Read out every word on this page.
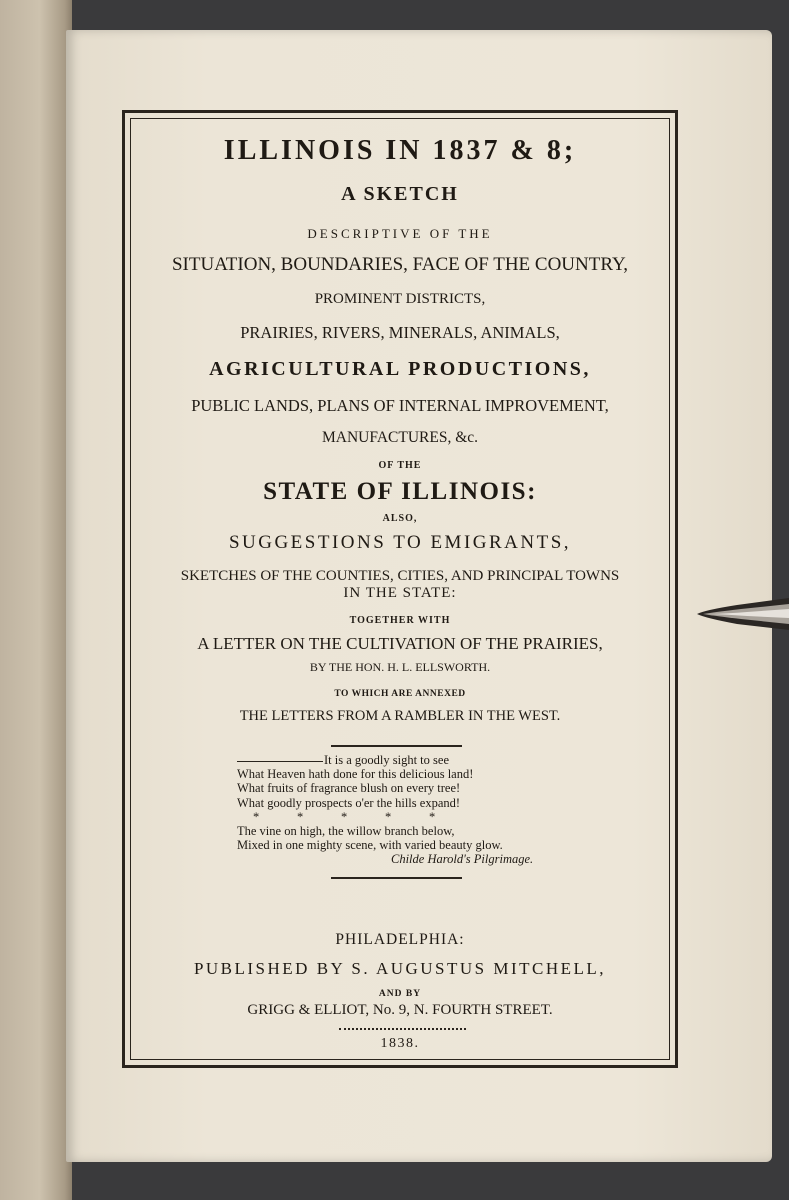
ILLINOIS IN 1837 & 8;
A SKETCH
DESCRIPTIVE OF THE
SITUATION, BOUNDARIES, FACE OF THE COUNTRY,
PROMINENT DISTRICTS,
PRAIRIES, RIVERS, MINERALS, ANIMALS,
AGRICULTURAL PRODUCTIONS,
PUBLIC LANDS, PLANS OF INTERNAL IMPROVEMENT,
MANUFACTURES, &c.
OF THE
STATE OF ILLINOIS:
ALSO,
SUGGESTIONS TO EMIGRANTS,
SKETCHES OF THE COUNTIES, CITIES, AND PRINCIPAL TOWNS
IN THE STATE:
TOGETHER WITH
A LETTER ON THE CULTIVATION OF THE PRAIRIES,
BY THE HON. H. L. ELLSWORTH.
TO WHICH ARE ANNEXED
THE LETTERS FROM A RAMBLER IN THE WEST.
It is a goodly sight to see
What Heaven hath done for this delicious land!
What fruits of fragrance blush on every tree!
What goodly prospects o'er the hills expand!
*	*	*	*	*
The vine on high, the willow branch below,
Mixed in one mighty scene, with varied beauty glow.
Childe Harold's Pilgrimage.
PHILADELPHIA:
PUBLISHED BY S. AUGUSTUS MITCHELL,
AND BY
GRIGG & ELLIOT, No. 9, N. FOURTH STREET.
1838.
